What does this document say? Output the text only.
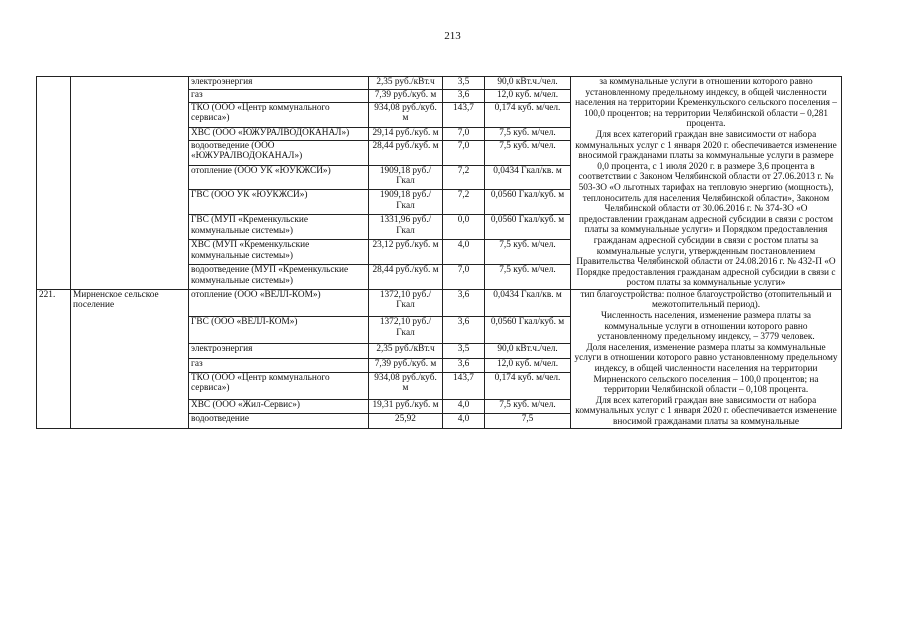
213
		электроэнергия	2,35 руб./кВт.ч	3,5	90,0 кВт.ч./чел.	за коммунальные услуги в отношении которого равно установленному предельному индексу, в общей численности населения на территории Кременкульского сельского поселения – 100,0 процентов; на территории Челябинской области – 0,281 процента.

Для всех категорий граждан вне зависимости от набора коммунальных услуг с 1 января 2020 г. обеспечивается изменение вносимой гражданами платы за коммунальные услуги в размере 0,0 процента, с 1 июля 2020 г. в размере 3,6 процента в соответствии с Законом Челябинской области от 27.06.2013 г. № 503-ЗО «О льготных тарифах на тепловую энергию (мощность), теплоноситель для населения Челябинской области», Законом Челябинской области от 30.06.2016 г. № 374-ЗО «О предоставлении гражданам адресной субсидии в связи с ростом платы за коммунальные услуги» и Порядком предоставления гражданам адресной субсидии в связи с ростом платы за коммунальные услуги, утвержденным постановлением Правительства Челябинской области от 24.08.2016 г. № 432-П «О Порядке предоставления гражданам адресной субсидии в связи с ростом платы за коммунальные услуги»

		газ	7,39 руб./куб. м	3,6	12,0 куб. м/чел.	
		ТКО (ООО «Центр коммунального сервиса»)	934,08 руб./куб. м	143,7	0,174 куб. м/чел.	
		ХВС (ООО «ЮЖУРАЛВОДОКАНАЛ»)	29,14 руб./куб. м	7,0	7,5 куб. м/чел.	
		водоотведение (ООО «ЮЖУРАЛВОДОКАНАЛ»)	28,44 руб./куб. м	7,0	7,5 куб. м/чел.	
		отопление (ООО УК «ЮУКЖСИ»)	1909,18 руб./Гкал	7,2	0,0434 Гкал/кв. м	
		ГВС (ООО УК «ЮУКЖСИ»)	1909,18 руб./Гкал	7,2	0,0560 Гкал/куб. м	
		ГВС (МУП «Кременкульские коммунальные системы»)	1331,96 руб./Гкал	0,0	0,0560 Гкал/куб. м	
		ХВС (МУП «Кременкульские коммунальные системы»)	23,12 руб./куб. м	4,0	7,5 куб. м/чел.	
		водоотведение (МУП «Кременкульские коммунальные системы»)	28,44 руб./куб. м	7,0	7,5 куб. м/чел.	
221.	Мирненское сельское поселение	отопление (ООО «ВЕЛЛ-КОМ»)	1372,10 руб./Гкал	3,6	0,0434 Гкал/кв. м	тип благоустройства: полное благоустройство (отопительный и межотопительный период).

Численность населения, изменение размера платы за коммунальные услуги в отношении которого равно установленному предельному индексу, – 3779 человек.

Доля населения, изменение размера платы за коммунальные услуги в отношении которого равно установленному предельному индексу, в общей численности населения на территории Мирненского сельского поселения – 100,0 процентов; на территории Челябинской области – 0,108 процента.

Для всех категорий граждан вне зависимости от набора коммунальных услуг с 1 января 2020 г. обеспечивается изменение вносимой гражданами платы за коммунальные

		ГВС (ООО «ВЕЛЛ-КОМ»)	1372,10 руб./Гкал	3,6	0,0560 Гкал/куб. м	
		электроэнергия	2,35 руб./кВт.ч	3,5	90,0 кВт.ч./чел.	
		газ	7,39 руб./куб. м	3,6	12,0 куб. м/чел.	
		ТКО (ООО «Центр коммунального сервиса»)	934,08 руб./куб. м	143,7	0,174 куб. м/чел.	
		ХВС (ООО «Жил-Сервис»)	19,31 руб./куб. м	4,0	7,5 куб. м/чел.	
		водоотведение	25,92	4,0	7,5	
